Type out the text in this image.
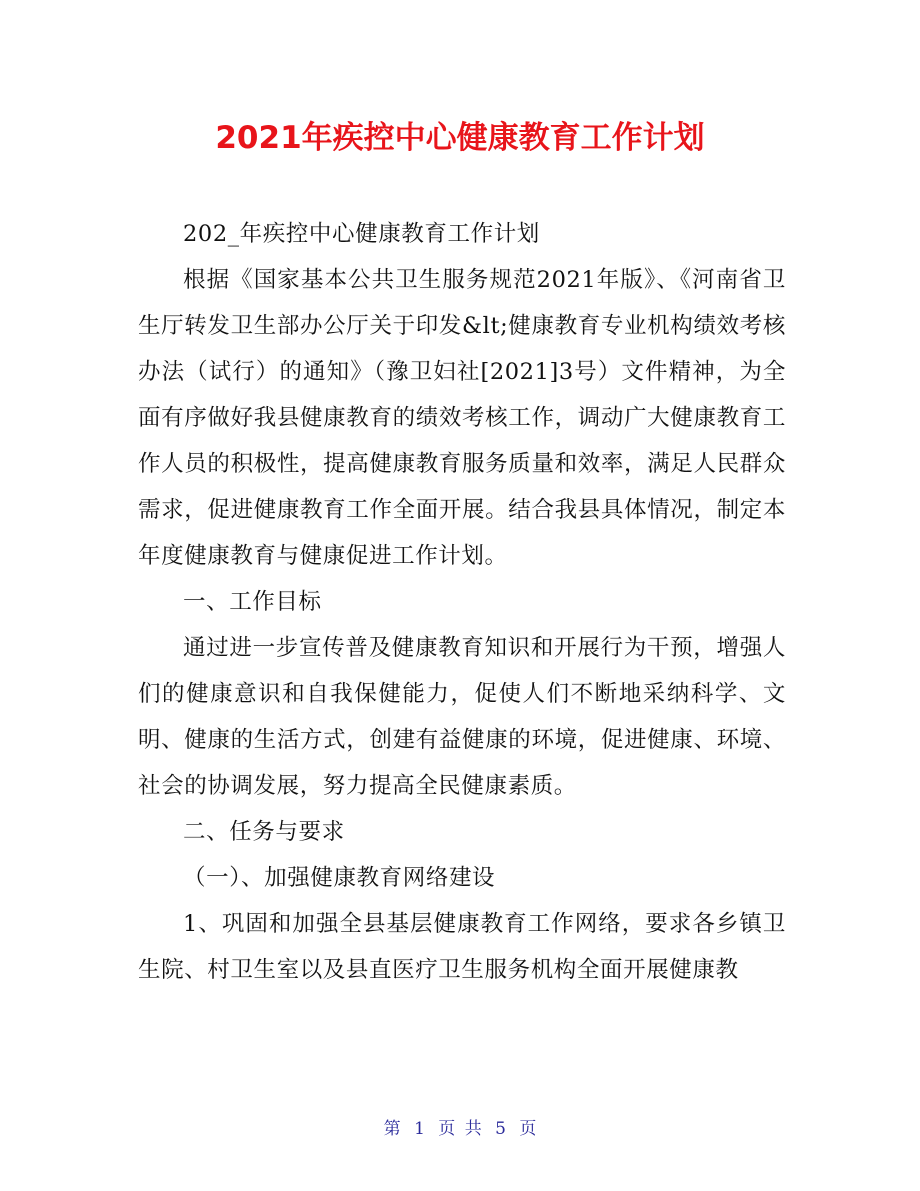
2021年疾控中心健康教育工作计划

202_年疾控中心健康教育工作计划

根据《国家基本公共卫生服务规范2021年版》、《河南省卫生厅转发卫生部办公厅关于印发&lt;健康教育专业机构绩效考核办法（试行）的通知》（豫卫妇社[2021]3号）文件精神，为全面有序做好我县健康教育的绩效考核工作，调动广大健康教育工作人员的积极性，提高健康教育服务质量和效率，满足人民群众需求，促进健康教育工作全面开展。结合我县具体情况，制定本年度健康教育与健康促进工作计划。

一、工作目标

通过进一步宣传普及健康教育知识和开展行为干预，增强人们的健康意识和自我保健能力，促使人们不断地采纳科学、文明、健康的生活方式，创建有益健康的环境，促进健康、环境、社会的协调发展，努力提高全民健康素质。

二、任务与要求

（一）、加强健康教育网络建设

1、巩固和加强全县基层健康教育工作网络，要求各乡镇卫生院、村卫生室以及县直医疗卫生服务机构全面开展健康教

第 1 页 共 5 页
